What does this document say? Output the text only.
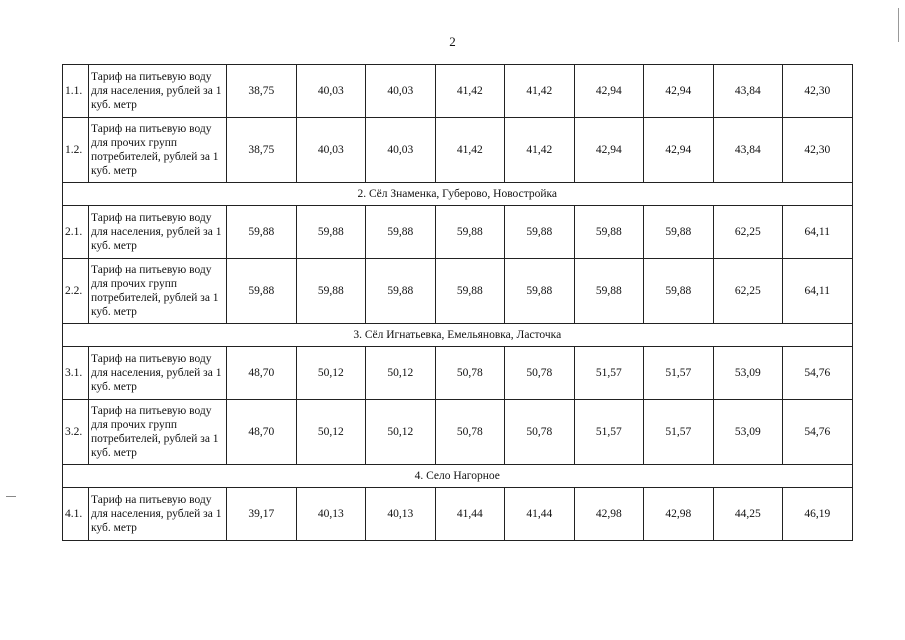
2
1.1.	Тариф на питьевую воду для населения, рублей за 1 куб. метр	38,75	40,03	40,03	41,42	41,42	42,94	42,94	43,84	42,30
1.2.	Тариф на питьевую воду для прочих групп потребителей, рублей за 1 куб. метр	38,75	40,03	40,03	41,42	41,42	42,94	42,94	43,84	42,30
2. Сёл Знаменка, Губерово, Новостройка										
2.1.	Тариф на питьевую воду для населения, рублей за 1 куб. метр	59,88	59,88	59,88	59,88	59,88	59,88	59,88	62,25	64,11
2.2.	Тариф на питьевую воду для прочих групп потребителей, рублей за 1 куб. метр	59,88	59,88	59,88	59,88	59,88	59,88	59,88	62,25	64,11
3. Сёл Игнатьевка, Емельяновка, Ласточка										
3.1.	Тариф на питьевую воду для населения, рублей за 1 куб. метр	48,70	50,12	50,12	50,78	50,78	51,57	51,57	53,09	54,76
3.2.	Тариф на питьевую воду для прочих групп потребителей, рублей за 1 куб. метр	48,70	50,12	50,12	50,78	50,78	51,57	51,57	53,09	54,76
4. Село Нагорное										
4.1.	Тариф на питьевую воду для населения, рублей за 1 куб. метр	39,17	40,13	40,13	41,44	41,44	42,98	42,98	44,25	46,19
